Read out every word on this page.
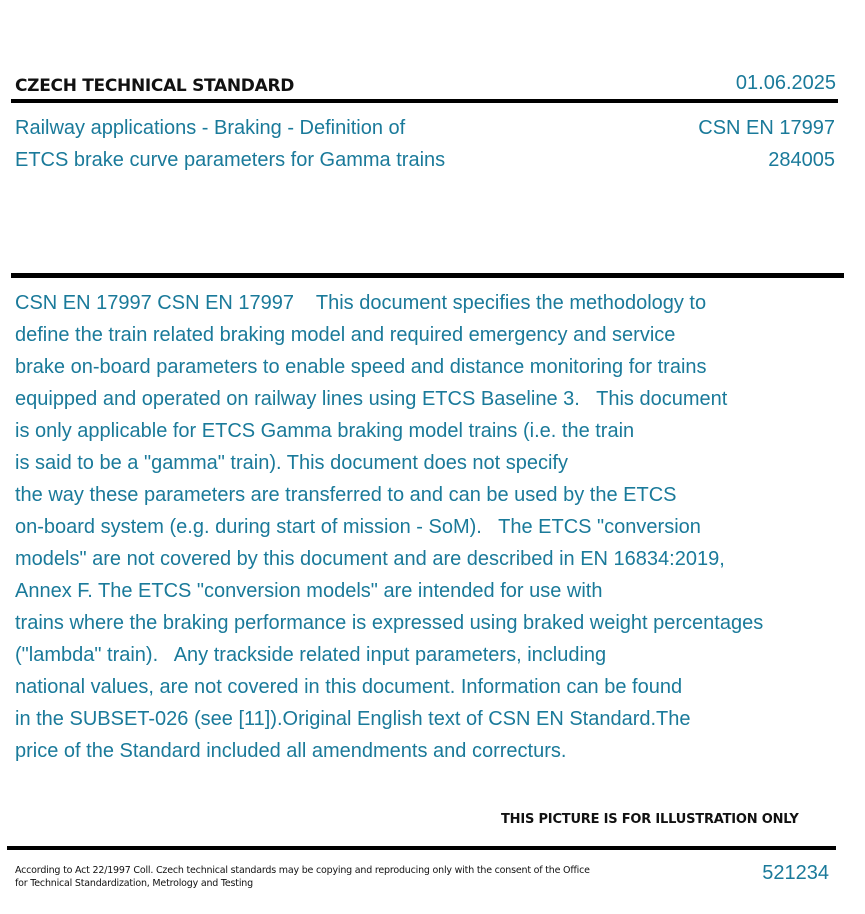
CZECH TECHNICAL STANDARD	01.06.2025
Railway applications - Braking - Definition of
ETCS brake curve parameters for Gamma trains
CSN EN 17997
284005
CSN EN 17997 CSN EN 17997    This document specifies the methodology to
define the train related braking model and required emergency and service
brake on-board parameters to enable speed and distance monitoring for trains
equipped and operated on railway lines using ETCS Baseline 3.   This document
is only applicable for ETCS Gamma braking model trains (i.e. the train
is said to be a "gamma" train). This document does not specify
the way these parameters are transferred to and can be used by the ETCS
on-board system (e.g. during start of mission - SoM).   The ETCS "conversion
models" are not covered by this document and are described in EN 16834:2019,
Annex F. The ETCS "conversion models" are intended for use with
trains where the braking performance is expressed using braked weight percentages
("lambda" train).   Any trackside related input parameters, including
national values, are not covered in this document. Information can be found
in the SUBSET-026 (see [11]).Original English text of CSN EN Standard.The
price of the Standard included all amendments and correcturs.
THIS PICTURE IS FOR ILLUSTRATION ONLY
According to Act 22/1997 Coll. Czech technical standards may be copying and reproducing only with the consent of the Office
for Technical Standardization, Metrology and Testing	521234
